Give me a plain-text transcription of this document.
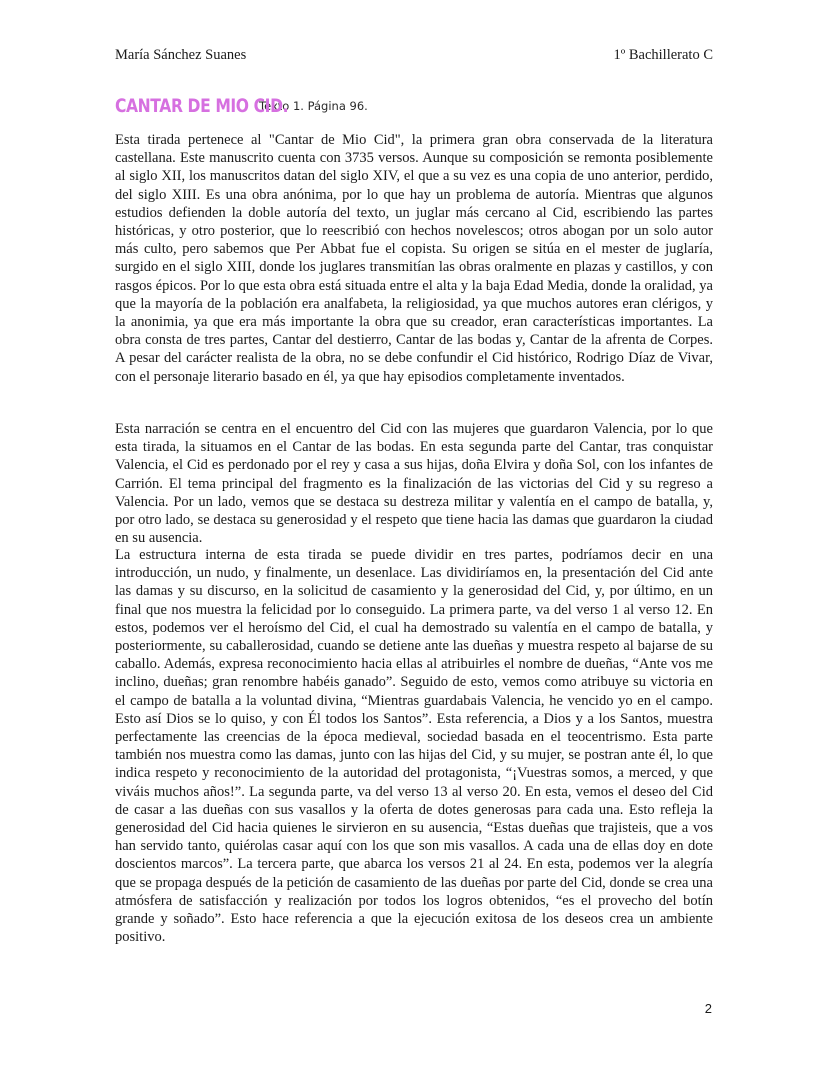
María Sánchez Suanes	1º Bachillerato C
CANTAR DE MIO CID. Texto 1. Página 96.

Esta tirada pertenece al "Cantar de Mio Cid", la primera gran obra conservada de la literatura castellana. Este manuscrito cuenta con 3735 versos. Aunque su composición se remonta posiblemente al siglo XII, los manuscritos datan del siglo XIV, el que a su vez es una copia de uno anterior, perdido, del siglo XIII. Es una obra anónima, por lo que hay un problema de autoría. Mientras que algunos estudios defienden la doble autoría del texto, un juglar más cercano al Cid, escribiendo las partes históricas, y otro posterior, que lo reescribió con hechos novelescos; otros abogan por un solo autor más culto, pero sabemos que Per Abbat fue el copista. Su origen se sitúa en el mester de juglaría, surgido en el siglo XIII, donde los juglares transmitían las obras oralmente en plazas y castillos, y con rasgos épicos. Por lo que esta obra está situada entre el alta y la baja Edad Media, donde la oralidad, ya que la mayoría de la población era analfabeta, la religiosidad, ya que muchos autores eran clérigos, y la anonimia, ya que era más importante la obra que su creador, eran características importantes. La obra consta de tres partes, Cantar del destierro, Cantar de las bodas y, Cantar de la afrenta de Corpes. A pesar del carácter realista de la obra, no se debe confundir el Cid histórico, Rodrigo Díaz de Vivar, con el personaje literario basado en él, ya que hay episodios completamente inventados.

Esta narración se centra en el encuentro del Cid con las mujeres que guardaron Valencia, por lo que esta tirada, la situamos en el Cantar de las bodas. En esta segunda parte del Cantar, tras conquistar Valencia, el Cid es perdonado por el rey y casa a sus hijas, doña Elvira y doña Sol, con los infantes de Carrión. El tema principal del fragmento es la finalización de las victorias del Cid y su regreso a Valencia. Por un lado, vemos que se destaca su destreza militar y valentía en el campo de batalla, y, por otro lado, se destaca su generosidad y el respeto que tiene hacia las damas que guardaron la ciudad en su ausencia.

La estructura interna de esta tirada se puede dividir en tres partes, podríamos decir en una introducción, un nudo, y finalmente, un desenlace. Las dividiríamos en, la presentación del Cid ante las damas y su discurso, en la solicitud de casamiento y la generosidad del Cid, y, por último, en un final que nos muestra la felicidad por lo conseguido. La primera parte, va del verso 1 al verso 12. En estos, podemos ver el heroísmo del Cid, el cual ha demostrado su valentía en el campo de batalla, y posteriormente, su caballerosidad, cuando se detiene ante las dueñas y muestra respeto al bajarse de su caballo. Además, expresa reconocimiento hacia ellas al atribuirles el nombre de dueñas, “Ante vos me inclino, dueñas; gran renombre habéis ganado”. Seguido de esto, vemos como atribuye su victoria en el campo de batalla a la voluntad divina, “Mientras guardabais Valencia, he vencido yo en el campo. Esto así Dios se lo quiso, y con Él todos los Santos”. Esta referencia, a Dios y a los Santos, muestra perfectamente las creencias de la época medieval, sociedad basada en el teocentrismo. Esta parte también nos muestra como las damas, junto con las hijas del Cid, y su mujer, se postran ante él, lo que indica respeto y reconocimiento de la autoridad del protagonista, “¡Vuestras somos, a merced, y que viváis muchos años!”. La segunda parte, va del verso 13 al verso 20. En esta, vemos el deseo del Cid de casar a las dueñas con sus vasallos y la oferta de dotes generosas para cada una. Esto refleja la generosidad del Cid hacia quienes le sirvieron en su ausencia, “Estas dueñas que trajisteis, que a vos han servido tanto, quiérolas casar aquí con los que son mis vasallos. A cada una de ellas doy en dote doscientos marcos”. La tercera parte, que abarca los versos 21 al 24. En esta, podemos ver la alegría que se propaga después de la petición de casamiento de las dueñas por parte del Cid, donde se crea una atmósfera de satisfacción y realización por todos los logros obtenidos, “es el provecho del botín grande y soñado”. Esto hace referencia a que la ejecución exitosa de los deseos crea un ambiente positivo.

2
